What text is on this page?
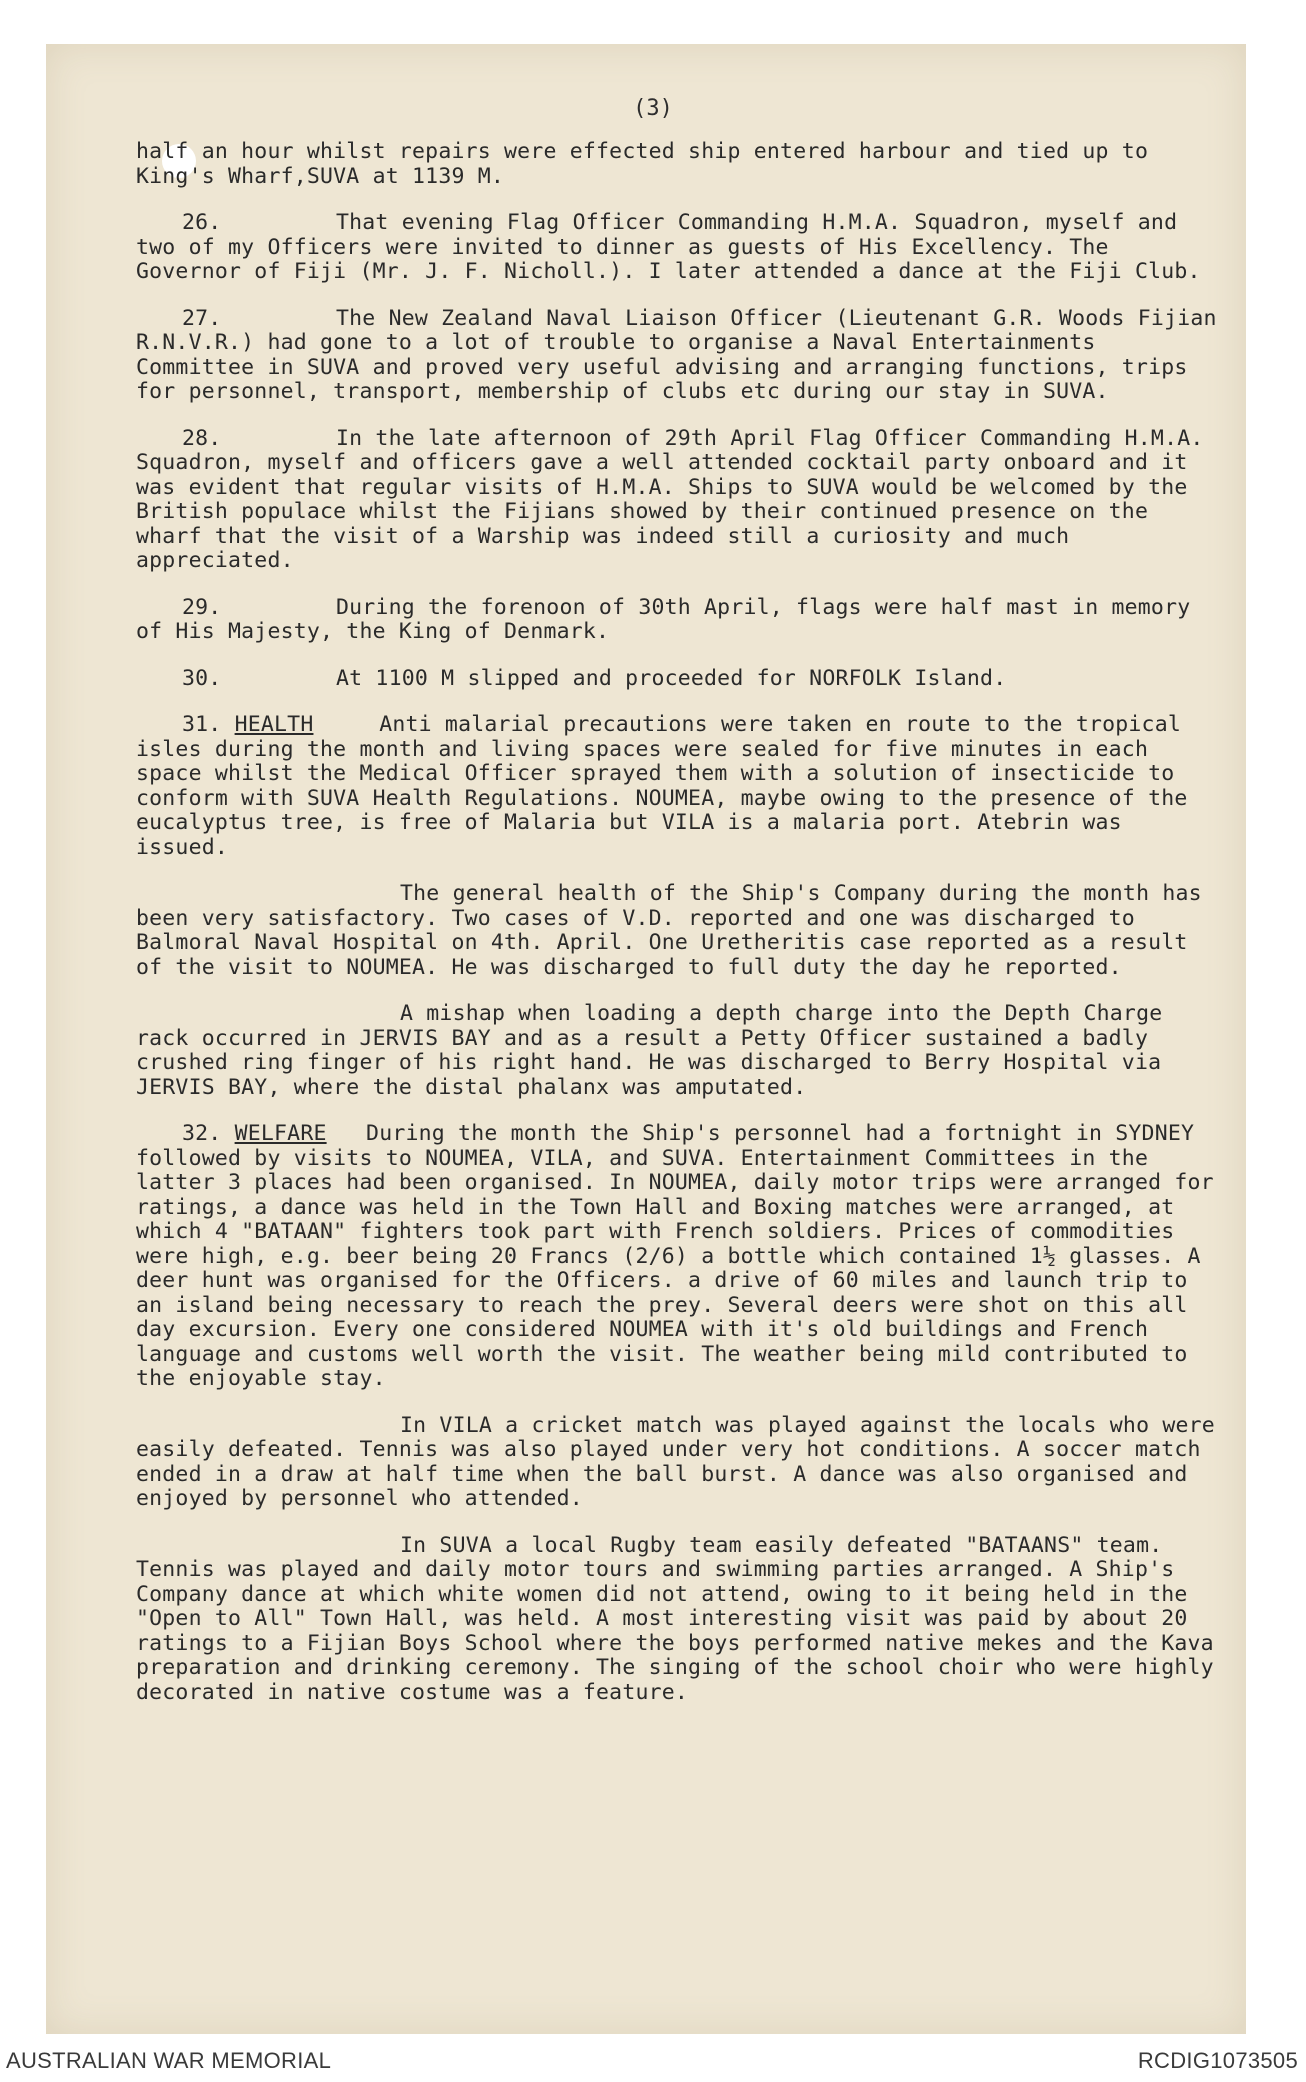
(3)

half an hour whilst repairs were effected ship entered harbour and tied up to King's Wharf,SUVA at 1139 M.

26.	That evening Flag Officer Commanding H.M.A. Squadron, myself and two of my Officers were invited to dinner as guests of His Excellency. The Governor of Fiji (Mr. J. F. Nicholl.). I later attended a dance at the Fiji Club.

27.	The New Zealand Naval Liaison Officer (Lieutenant G.R. Woods Fijian R.N.V.R.) had gone to a lot of trouble to organise a Naval Entertainments Committee in SUVA and proved very useful advising and arranging functions, trips for personnel, transport, membership of clubs etc during our stay in SUVA.

28.	In the late afternoon of 29th April Flag Officer Commanding H.M.A. Squadron, myself and officers gave a well attended cocktail party onboard and it was evident that regular visits of H.M.A. Ships to SUVA would be welcomed by the British populace whilst the Fijians showed by their continued presence on the wharf that the visit of a Warship was indeed still a curiosity and much appreciated.

29.	During the forenoon of 30th April, flags were half mast in memory of His Majesty, the King of Denmark.

30.	At 1100 M slipped and proceeded for NORFOLK Island.

31. HEALTH	Anti malarial precautions were taken en route to the tropical isles during the month and living spaces were sealed for five minutes in each space whilst the Medical Officer sprayed them with a solution of insecticide to conform with SUVA Health Regulations. NOUMEA, maybe owing to the presence of the eucalyptus tree, is free of Malaria but VILA is a malaria port. Atebrin was issued.

The general health of the Ship's Company during the month has been very satisfactory. Two cases of V.D. reported and one was discharged to Balmoral Naval Hospital on 4th. April. One Uretheritis case reported as a result of the visit to NOUMEA. He was discharged to full duty the day he reported.

A mishap when loading a depth charge into the Depth Charge rack occurred in JERVIS BAY and as a result a Petty Officer sustained a badly crushed ring finger of his right hand. He was discharged to Berry Hospital via JERVIS BAY, where the distal phalanx was amputated.

32. WELFARE During the month the Ship's personnel had a fortnight in SYDNEY followed by visits to NOUMEA, VILA, and SUVA. Entertainment Committees in the latter 3 places had been organised. In NOUMEA, daily motor trips were arranged for ratings, a dance was held in the Town Hall and Boxing matches were arranged, at which 4 "BATAAN" fighters took part with French soldiers. Prices of commodities were high, e.g. beer being 20 Francs (2/6) a bottle which contained 1½ glasses. A deer hunt was organised for the Officers. a drive of 60 miles and launch trip to an island being necessary to reach the prey. Several deers were shot on this all day excursion. Every one considered NOUMEA with it's old buildings and French language and customs well worth the visit. The weather being mild contributed to the enjoyable stay.

In VILA a cricket match was played against the locals who were easily defeated. Tennis was also played under very hot conditions. A soccer match ended in a draw at half time when the ball burst. A dance was also organised and enjoyed by personnel who attended.

In SUVA a local Rugby team easily defeated "BATAANS" team. Tennis was played and daily motor tours and swimming parties arranged. A Ship's Company dance at which white women did not attend, owing to it being held in the "Open to All" Town Hall, was held. A most interesting visit was paid by about 20 ratings to a Fijian Boys School where the boys performed native mekes and the Kava preparation and drinking ceremony. The singing of the school choir who were highly decorated in native costume was a feature.

AUSTRALIAN WAR MEMORIAL	RCDIG1073505
